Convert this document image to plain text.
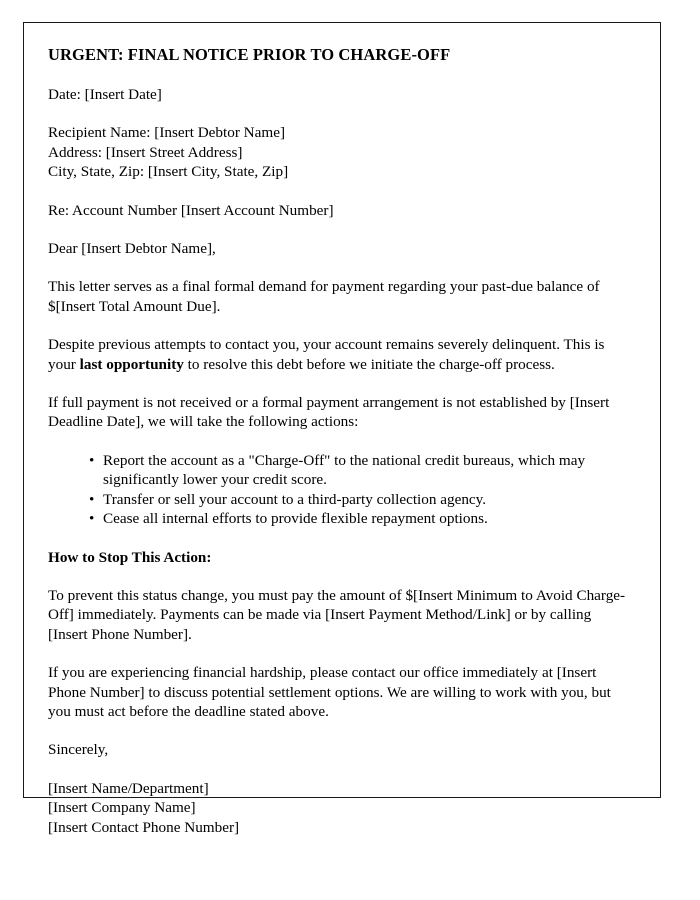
URGENT: FINAL NOTICE PRIOR TO CHARGE-OFF
Date: [Insert Date]
Recipient Name: [Insert Debtor Name]
Address: [Insert Street Address]
City, State, Zip: [Insert City, State, Zip]
Re: Account Number [Insert Account Number]
Dear [Insert Debtor Name],
This letter serves as a final formal demand for payment regarding your past-due balance of $[Insert Total Amount Due].
Despite previous attempts to contact you, your account remains severely delinquent. This is your last opportunity to resolve this debt before we initiate the charge-off process.
If full payment is not received or a formal payment arrangement is not established by [Insert Deadline Date], we will take the following actions:
• Report the account as a "Charge-Off" to the national credit bureaus, which may significantly lower your credit score.
• Transfer or sell your account to a third-party collection agency.
• Cease all internal efforts to provide flexible repayment options.
How to Stop This Action:
To prevent this status change, you must pay the amount of $[Insert Minimum to Avoid Charge-Off] immediately. Payments can be made via [Insert Payment Method/Link] or by calling [Insert Phone Number].
If you are experiencing financial hardship, please contact our office immediately at [Insert Phone Number] to discuss potential settlement options. We are willing to work with you, but you must act before the deadline stated above.
Sincerely,
[Insert Name/Department]
[Insert Company Name]
[Insert Contact Phone Number]
